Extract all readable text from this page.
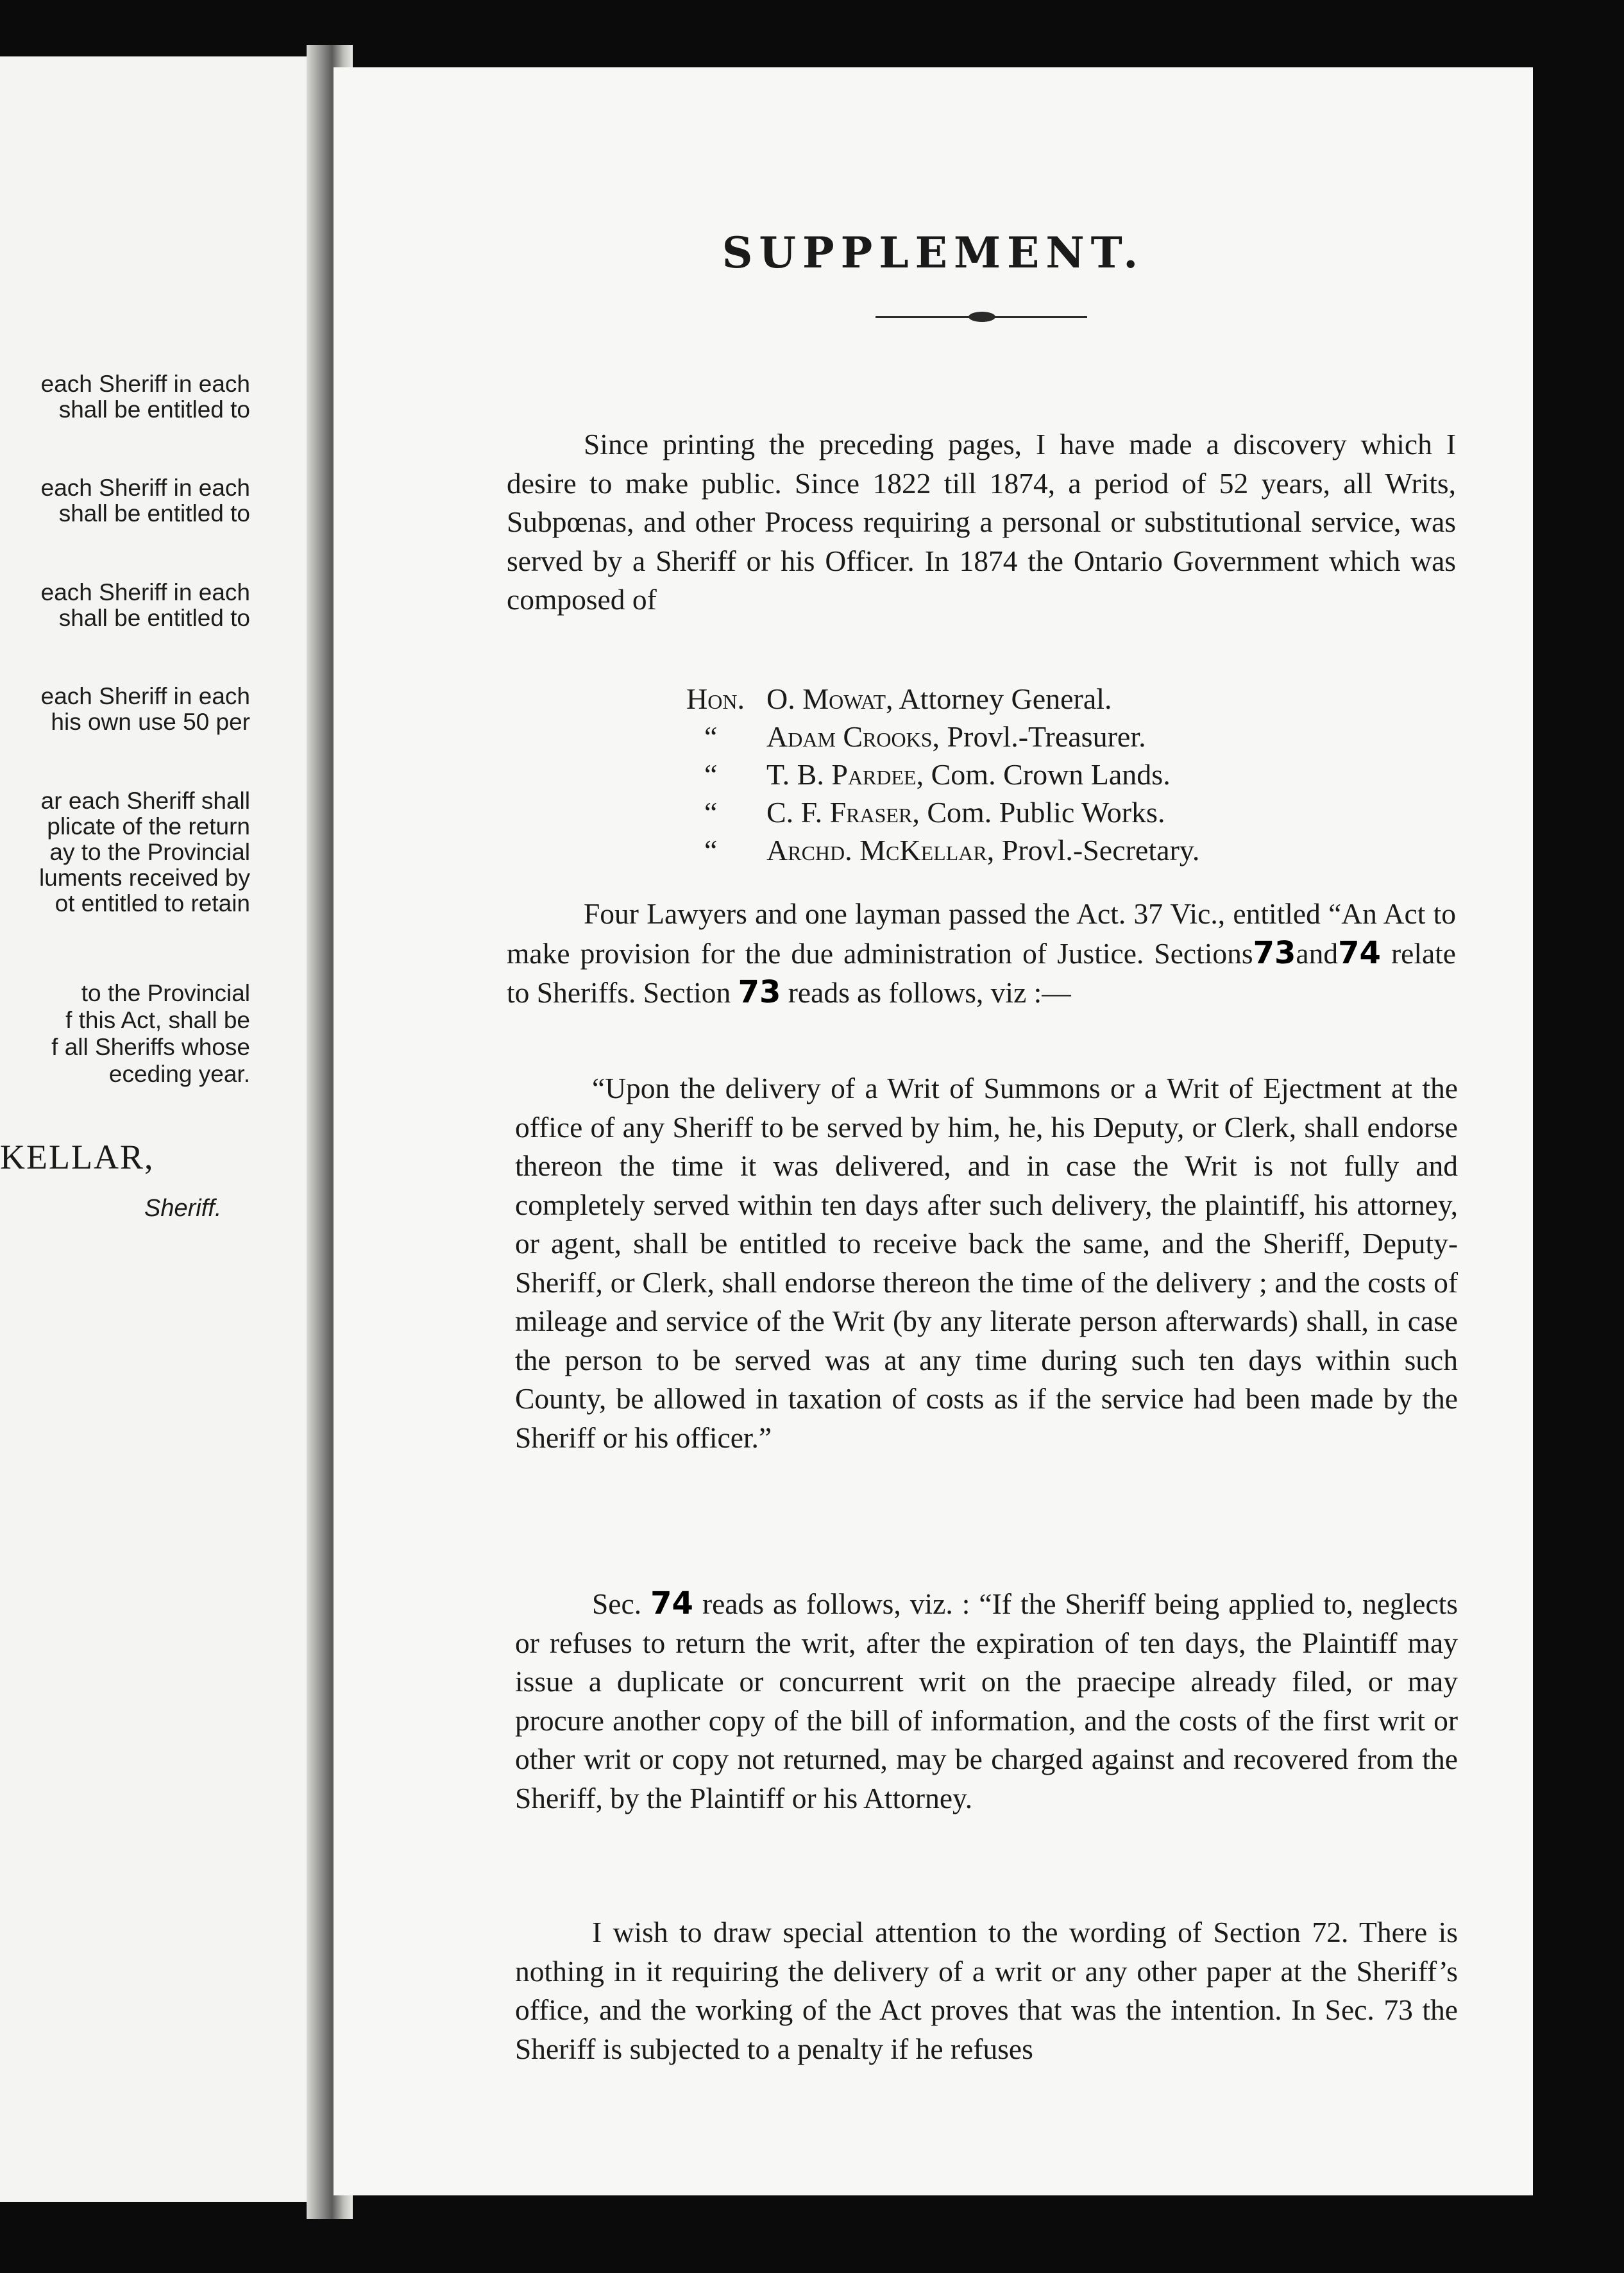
each Sheriff in each
shall be entitled to
each Sheriff in each
shall be entitled to
each Sheriff in each
shall be entitled to
each Sheriff in each
his own use 50 per
ar each Sheriff shall
plicate of the return
ay to the Provincial
luments received by
ot entitled to retain
to the Provincial
f this Act, shall be
f all Sheriffs whose
eceding year.
KELLAR,
Sheriff.
SUPPLEMENT.

Since printing the preceding pages, I have made a discovery which I desire to make public. Since 1822 till 1874, a period of 52 years, all Writs, Subpœnas, and other Process requiring a personal or substitutional service, was served by a Sheriff or his Officer. In 1874 the Ontario Government which was composed of

Hon. O. Mowat, Attorney General.
“ Adam Crooks, Provl.-Treasurer.
“ T. B. Pardee, Com. Crown Lands.
“ C. F. Fraser, Com. Public Works.
“ Archd. McKellar, Provl.-Secretary.

Four Lawyers and one layman passed the Act. 37 Vic., entitled “An Act to make provision for the due administration of Justice. Sections73and74 relate to Sheriffs. Section 73 reads as follows, viz :—

“Upon the delivery of a Writ of Summons or a Writ of Ejectment at the office of any Sheriff to be served by him, he, his Deputy, or Clerk, shall endorse thereon the time it was delivered, and in case the Writ is not fully and completely served within ten days after such delivery, the plaintiff, his attorney, or agent, shall be entitled to receive back the same, and the Sheriff, Deputy-Sheriff, or Clerk, shall endorse thereon the time of the delivery ; and the costs of mileage and service of the Writ (by any literate person afterwards) shall, in case the person to be served was at any time during such ten days within such County, be allowed in taxation of costs as if the service had been made by the Sheriff or his officer.”

Sec. 74 reads as follows, viz. : “If the Sheriff being applied to, neglects or refuses to return the writ, after the expiration of ten days, the Plaintiff may issue a duplicate or concurrent writ on the praecipe already filed, or may procure another copy of the bill of information, and the costs of the first writ or other writ or copy not returned, may be charged against and recovered from the Sheriff, by the Plaintiff or his Attorney.

I wish to draw special attention to the wording of Section 72. There is nothing in it requiring the delivery of a writ or any other paper at the Sheriff’s office, and the working of the Act proves that was the intention. In Sec. 73 the Sheriff is subjected to a penalty if he refuses
